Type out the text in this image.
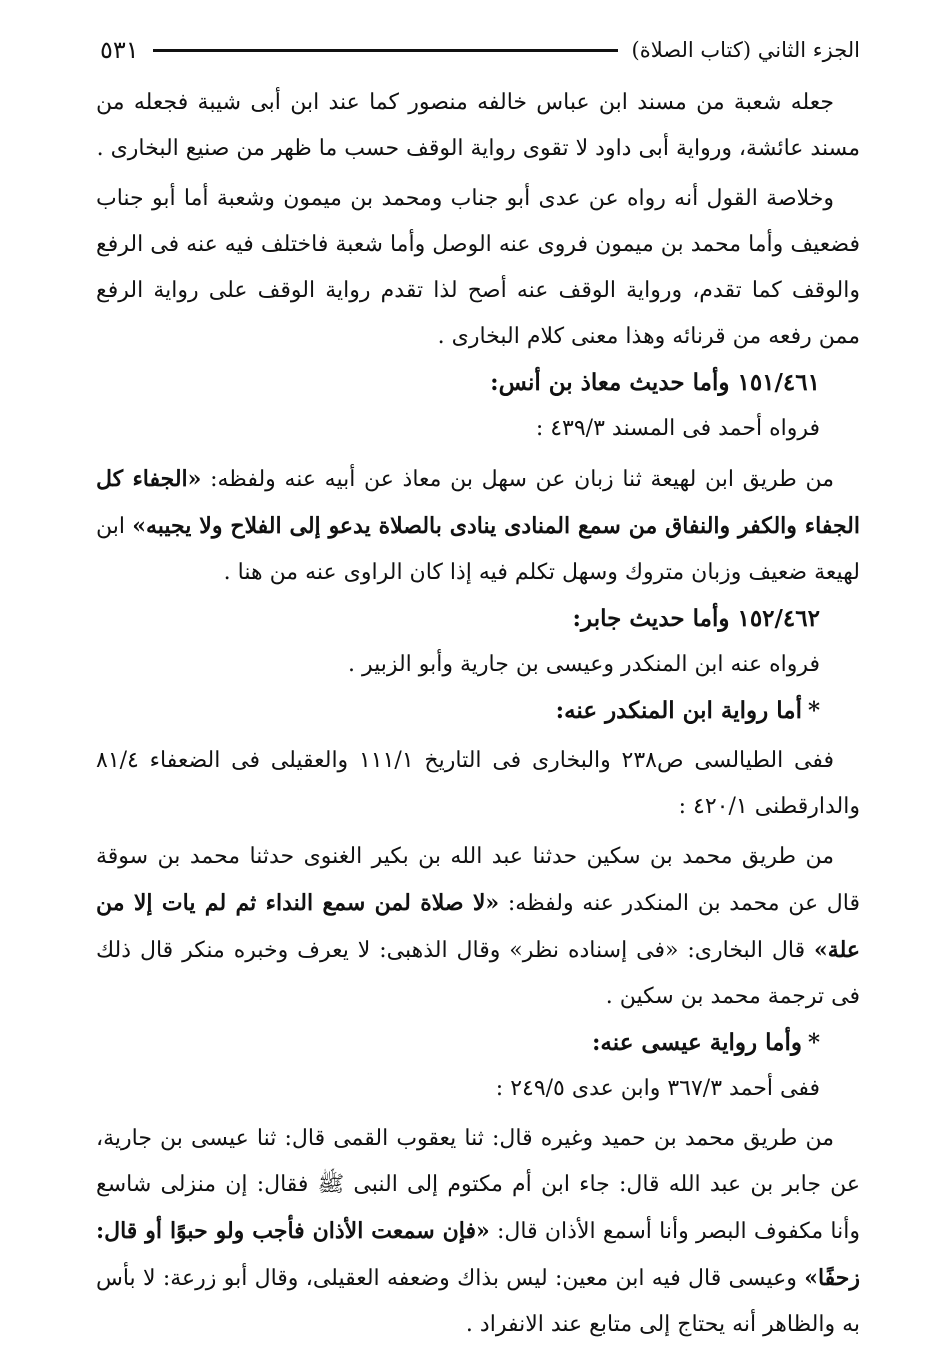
الجزء الثاني (كتاب الصلاة)
٥٣١

جعله شعبة من مسند ابن عباس خالفه منصور كما عند ابن أبى شيبة فجعله من مسند عائشة، ورواية أبى داود لا تقوى رواية الوقف حسب ما ظهر من صنيع البخارى .

وخلاصة القول أنه رواه عن عدى أبو جناب ومحمد بن ميمون وشعبة أما أبو جناب فضعيف وأما محمد بن ميمون فروى عنه الوصل وأما شعبة فاختلف فيه عنه فى الرفع والوقف كما تقدم، ورواية الوقف عنه أصح لذا تقدم رواية الوقف على رواية الرفع ممن رفعه من قرنائه وهذا معنى كلام البخارى .

١٥١/٤٦١ وأما حديث معاذ بن أنس:

فرواه أحمد فى المسند ٤٣٩/٣ :

من طريق ابن لهيعة ثنا زبان عن سهل بن معاذ عن أبيه عنه ولفظه: «الجفاء كل الجفاء والكفر والنفاق من سمع المنادى ينادى بالصلاة يدعو إلى الفلاح ولا يجيبه» ابن لهيعة ضعيف وزبان متروك وسهل تكلم فيه إذا كان الراوى عنه من هنا .

١٥٢/٤٦٢ وأما حديث جابر:

فرواه عنه ابن المنكدر وعيسى بن جارية وأبو الزبير .

*أما رواية ابن المنكدر عنه:

ففى الطيالسى ص٢٣٨ والبخارى فى التاريخ ١١١/١ والعقيلى فى الضعفاء ٨١/٤ والدارقطنى ٤٢٠/١ :

من طريق محمد بن سكين حدثنا عبد الله بن بكير الغنوى حدثنا محمد بن سوقة قال عن محمد بن المنكدر عنه ولفظه: «لا صلاة لمن سمع النداء ثم لم يات إلا من علة» قال البخارى: «فى إسناده نظر» وقال الذهبى: لا يعرف وخبره منكر قال ذلك فى ترجمة محمد بن سكين .

*وأما رواية عيسى عنه:

ففى أحمد ٣٦٧/٣ وابن عدى ٢٤٩/٥ :

من طريق محمد بن حميد وغيره قال: ثنا يعقوب القمى قال: ثنا عيسى بن جارية، عن جابر بن عبد الله قال: جاء ابن أم مكتوم إلى النبى ﷺ فقال: إن منزلى شاسع وأنا مكفوف البصر وأنا أسمع الأذان قال: «فإن سمعت الأذان فأجب ولو حبوًا أو قال: زحفًا» وعيسى قال فيه ابن معين: ليس بذاك وضعفه العقيلى، وقال أبو زرعة: لا بأس به والظاهر أنه يحتاج إلى متابع عند الانفراد .
